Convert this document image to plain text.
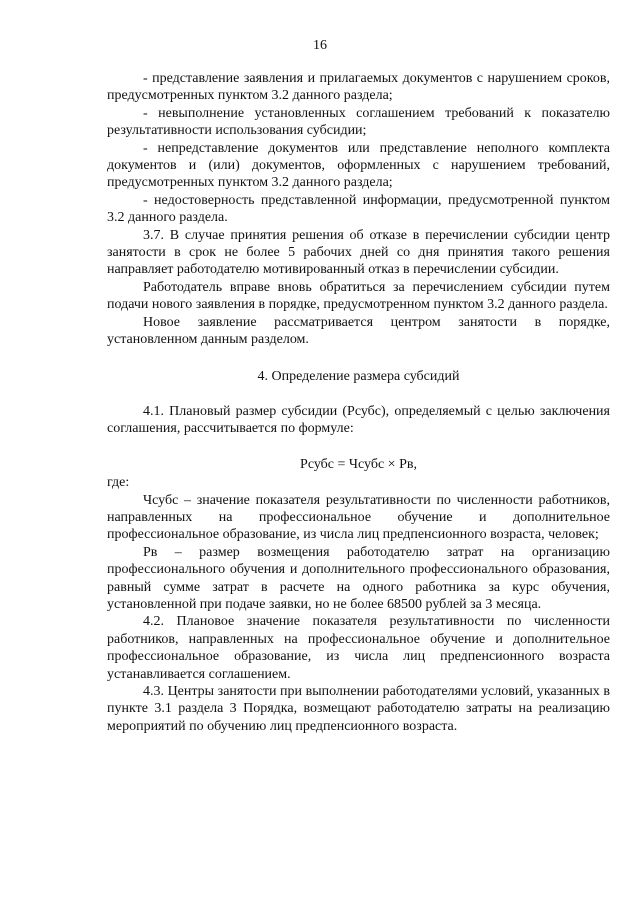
16

- представление заявления и прилагаемых документов с нарушением сроков, предусмотренных пунктом 3.2 данного раздела;

- невыполнение установленных соглашением требований к показателю результативности использования субсидии;

- непредставление документов или представление неполного комплекта документов и (или) документов, оформленных с нарушением требований, предусмотренных пунктом 3.2 данного раздела;

- недостоверность представленной информации, предусмотренной пунктом 3.2 данного раздела.

3.7. В случае принятия решения об отказе в перечислении субсидии центр занятости в срок не более 5 рабочих дней со дня принятия такого решения направляет работодателю мотивированный отказ в перечислении субсидии.

Работодатель вправе вновь обратиться за перечислением субсидии путем подачи нового заявления в порядке, предусмотренном пунктом 3.2 данного раздела.

Новое заявление рассматривается центром занятости в порядке, установленном данным разделом.

4. Определение размера субсидий

4.1. Плановый размер субсидии (Рсубс), определяемый с целью заключения соглашения, рассчитывается по формуле:

Рсубс = Чсубс × Рв,

где:

Чсубс – значение показателя результативности по численности работников, направленных на профессиональное обучение и дополнительное профессиональное образование, из числа лиц предпенсионного возраста, человек;

Рв – размер возмещения работодателю затрат на организацию профессионального обучения и дополнительного профессионального образования, равный сумме затрат в расчете на одного работника за курс обучения, установленной при подаче заявки, но не более 68500 рублей за 3 месяца.

4.2. Плановое значение показателя результативности по численности работников, направленных на профессиональное обучение и дополнительное профессиональное образование, из числа лиц предпенсионного возраста устанавливается соглашением.

4.3. Центры занятости при выполнении работодателями условий, указанных в пункте 3.1 раздела 3 Порядка, возмещают работодателю затраты на реализацию мероприятий по обучению лиц предпенсионного возраста.
